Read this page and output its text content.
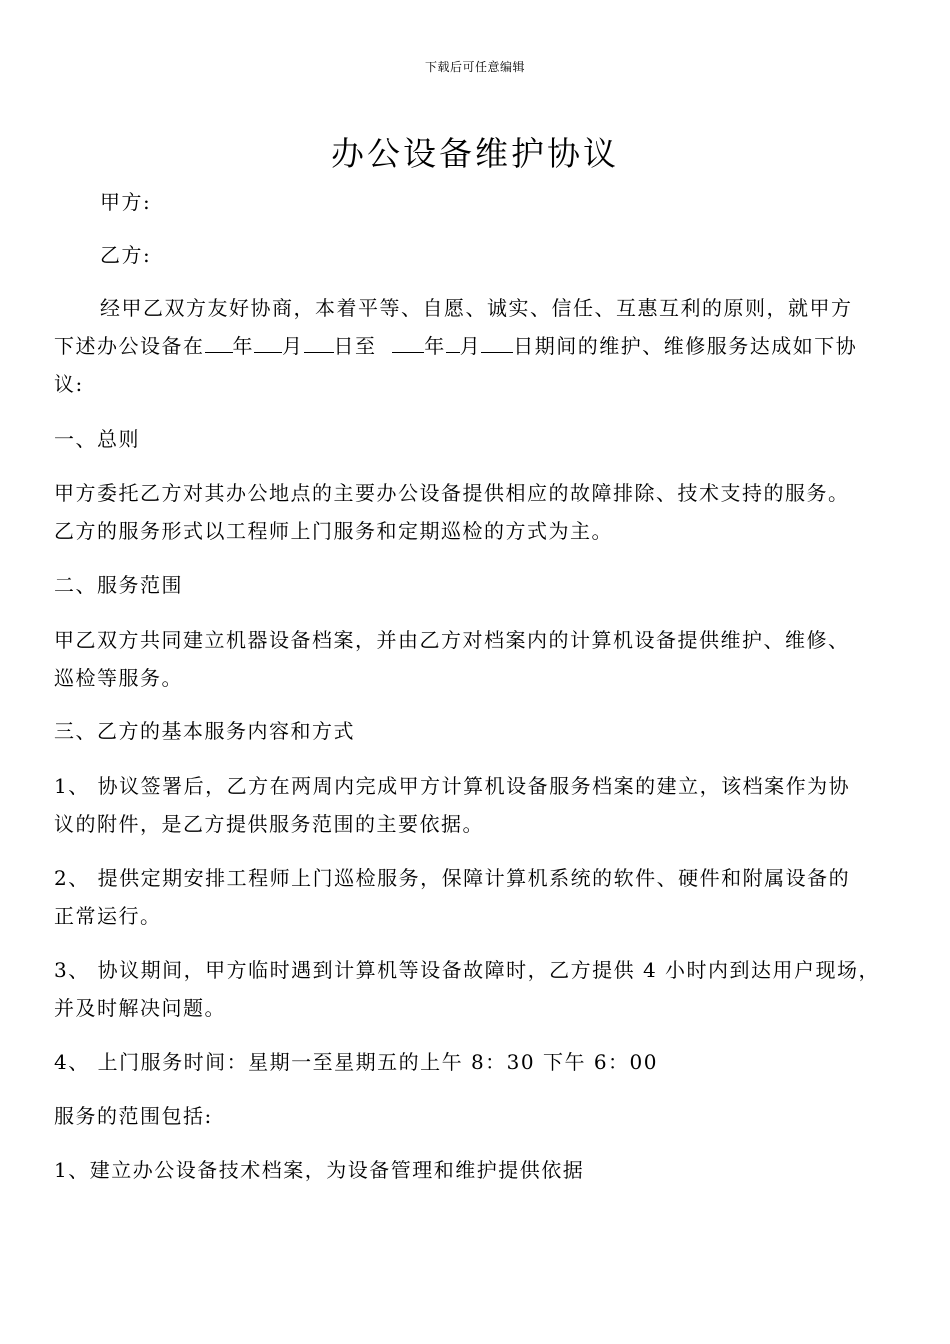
下载后可任意编辑
办公设备维护协议
甲方:
乙方:
经甲乙双方友好协商，本着平等、自愿、诚实、信任、互惠互利的原则，就甲方
下述办公设备在 年 月 日至 年 月 日期间的维护、维修服务达成如下协
议:
一、总则
甲方委托乙方对其办公地点的主要办公设备提供相应的故障排除、技术支持的服务。
乙方的服务形式以工程师上门服务和定期巡检的方式为主。
二、服务范围
甲乙双方共同建立机器设备档案，并由乙方对档案内的计算机设备提供维护、维修、
巡检等服务。
三、乙方的基本服务内容和方式
1、 协议签署后，乙方在两周内完成甲方计算机设备服务档案的建立，该档案作为协
议的附件，是乙方提供服务范围的主要依据。
2、 提供定期安排工程师上门巡检服务，保障计算机系统的软件、硬件和附属设备的
正常运行。
3、 协议期间，甲方临时遇到计算机等设备故障时，乙方提供 4 小时内到达用户现场，
并及时解决问题。
4、 上门服务时间：星期一至星期五的上午 8：30 下午 6：00
服务的范围包括:
1、建立办公设备技术档案，为设备管理和维护提供依据
